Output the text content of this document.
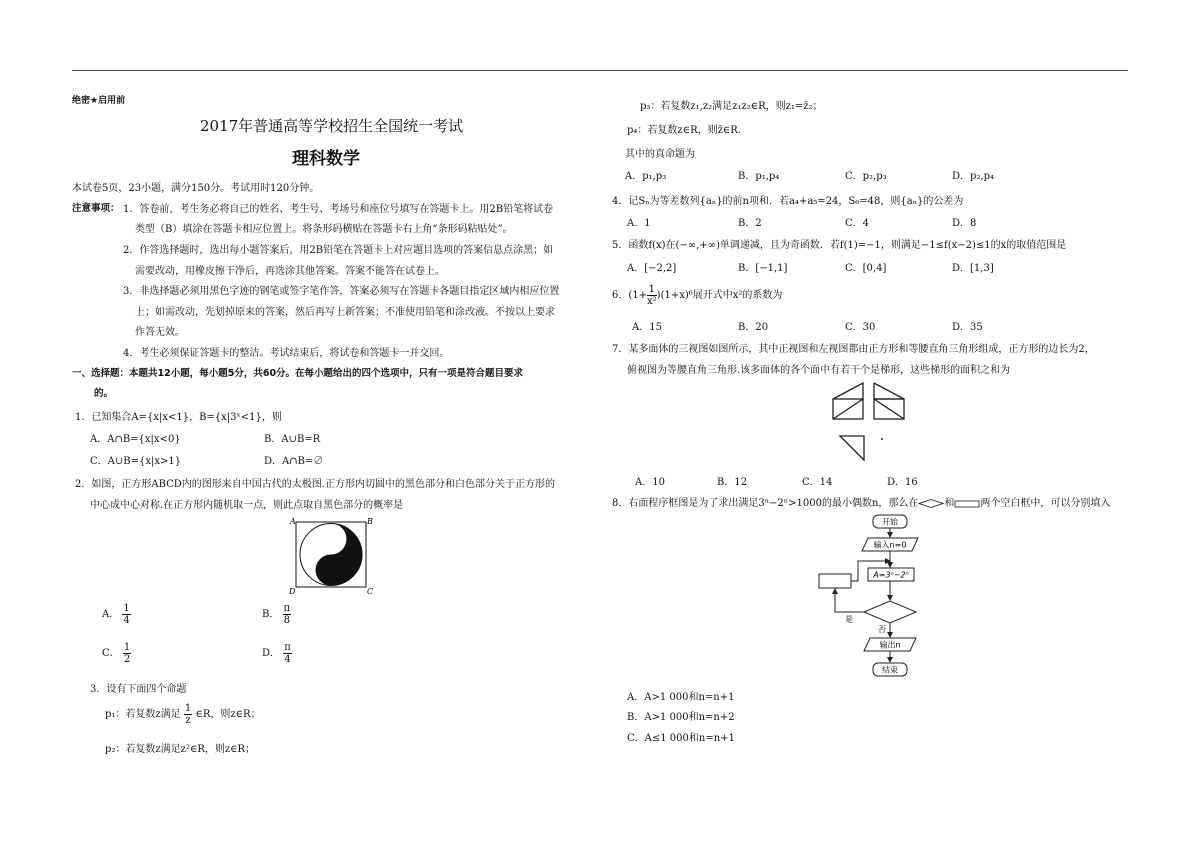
绝密★启用前
2017年普通高等学校招生全国统一考试
理科数学
本试卷5页，23小题，满分150分。考试用时120分钟。
注意事项： 1．答卷前，考生务必将自己的姓名、考生号、考场号和座位号填写在答题卡上。用2B铅笔将试卷
类型（B）填涂在答题卡相应位置上。将条形码横贴在答题卡右上角“条形码粘贴处”。
2．作答选择题时，选出每小题答案后，用2B铅笔在答题卡上对应题目选项的答案信息点涂黑；如
需要改动，用橡皮擦干净后，再选涂其他答案。答案不能答在试卷上。
3．非选择题必须用黑色字迹的钢笔或签字笔作答，答案必须写在答题卡各题目指定区域内相应位置
上；如需改动，先划掉原来的答案，然后再写上新答案；不准使用铅笔和涂改液。不按以上要求
作答无效。
4．考生必须保证答题卡的整洁。考试结束后，将试卷和答题卡一并交回。
一、选择题：本题共12小题，每小题5分，共60分。在每小题给出的四个选项中，只有一项是符合题目要求
的。
1．已知集合A={x|x<1}，B={x|3ˣ<1}，则
A．A∩B={x|x<0}	B．A∪B=R
C．A∪B={x|x>1}	D．A∩B=∅
2．如图，正方形ABCD内的图形来自中国古代的太极图.正方形内切圆中的黑色部分和白色部分关于正方形的
中心成中心对称.在正方形内随机取一点，则此点取自黑色部分的概率是
A	B
C
D
A． $\frac{1}{4}$	B． $\frac{\pi}{8}$
C． $\frac{1}{2}$	D． $\frac{\pi}{4}$
3．设有下面四个命题
p₁：若复数z满足 $\frac{1}{z}$ ∈R，则z∈R；
p₂：若复数z满足z²∈R，则z∈R；
p₃：若复数z₁,z₂满足z₁z₂∈R，则z₁=z̄₂；
p₄：若复数z∈R，则z̄∈R.
其中的真命题为
A．p₁,p₃	B．p₁,p₄	C．p₂,p₃	D．p₂,p₄
4．记Sₙ为等差数列{aₙ}的前n项和．若a₄+a₅=24，S₆=48，则{aₙ}的公差为
A．1	B．2	C．4	D．8
5．函数f(x)在(−∞,+∞)单调递减，且为奇函数．若f(1)=−1，则满足−1≤f(x−2)≤1的x的取值范围是
A．[−2,2]	B．[−1,1]	C．[0,4]	D．[1,3]
6．$(1+ \frac{1}{\text{x²}} )(1+x)^6$展开式中x²的系数为
A．15	B．20	C．30	D．35
7．某多面体的三视图如图所示，其中正视图和左视图都由正方形和等腰直角三角形组成，正方形的边长为2，
俯视图为等腰直角三角形.该多面体的各个面中有若干个是梯形，这些梯形的面积之和为
A．10	B．12	C．14	D．16
8．右面程序框图是为了求出满足3ⁿ−2ⁿ>1000的最小偶数n，那么在	和	两个空白框中，可以分别填入
开始
输入n=0
A=3ⁿ−2ⁿ
是
否
输出n
结束
A．A>1 000和n=n+1
B．A>1 000和n=n+2
C．A≤1 000和n=n+1
